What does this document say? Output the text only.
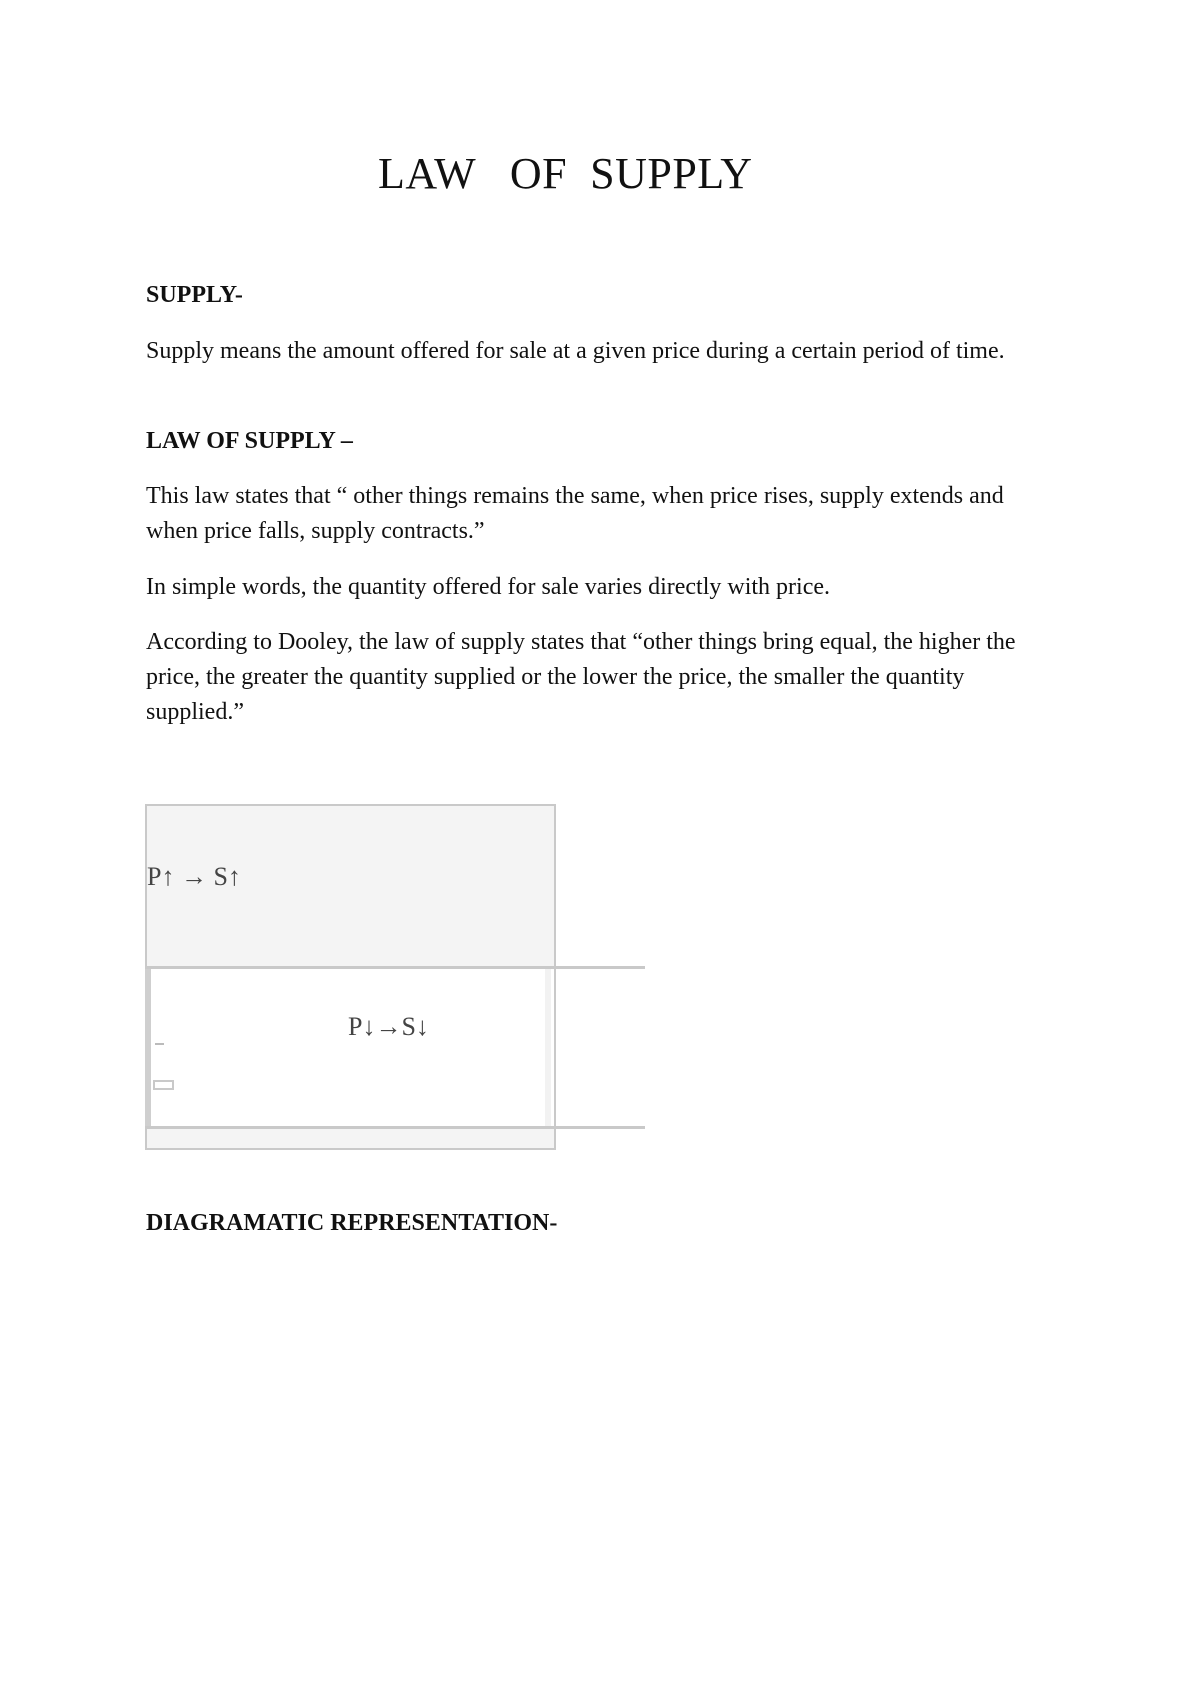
LAW   OF  SUPPLY

SUPPLY-

Supply means the amount offered for sale at a given price during a certain period of time.

LAW OF SUPPLY –

This law states that “ other things remains the same, when price rises, supply extends and when price falls, supply contracts.”

In simple words, the quantity offered for sale varies directly with price.

According to Dooley, the law of supply states that “other things bring equal, the higher the price, the greater the quantity supplied or the lower the price, the smaller the quantity supplied.”

P↑ → S↑
P↓→S↓

DIAGRAMATIC REPRESENTATION-
